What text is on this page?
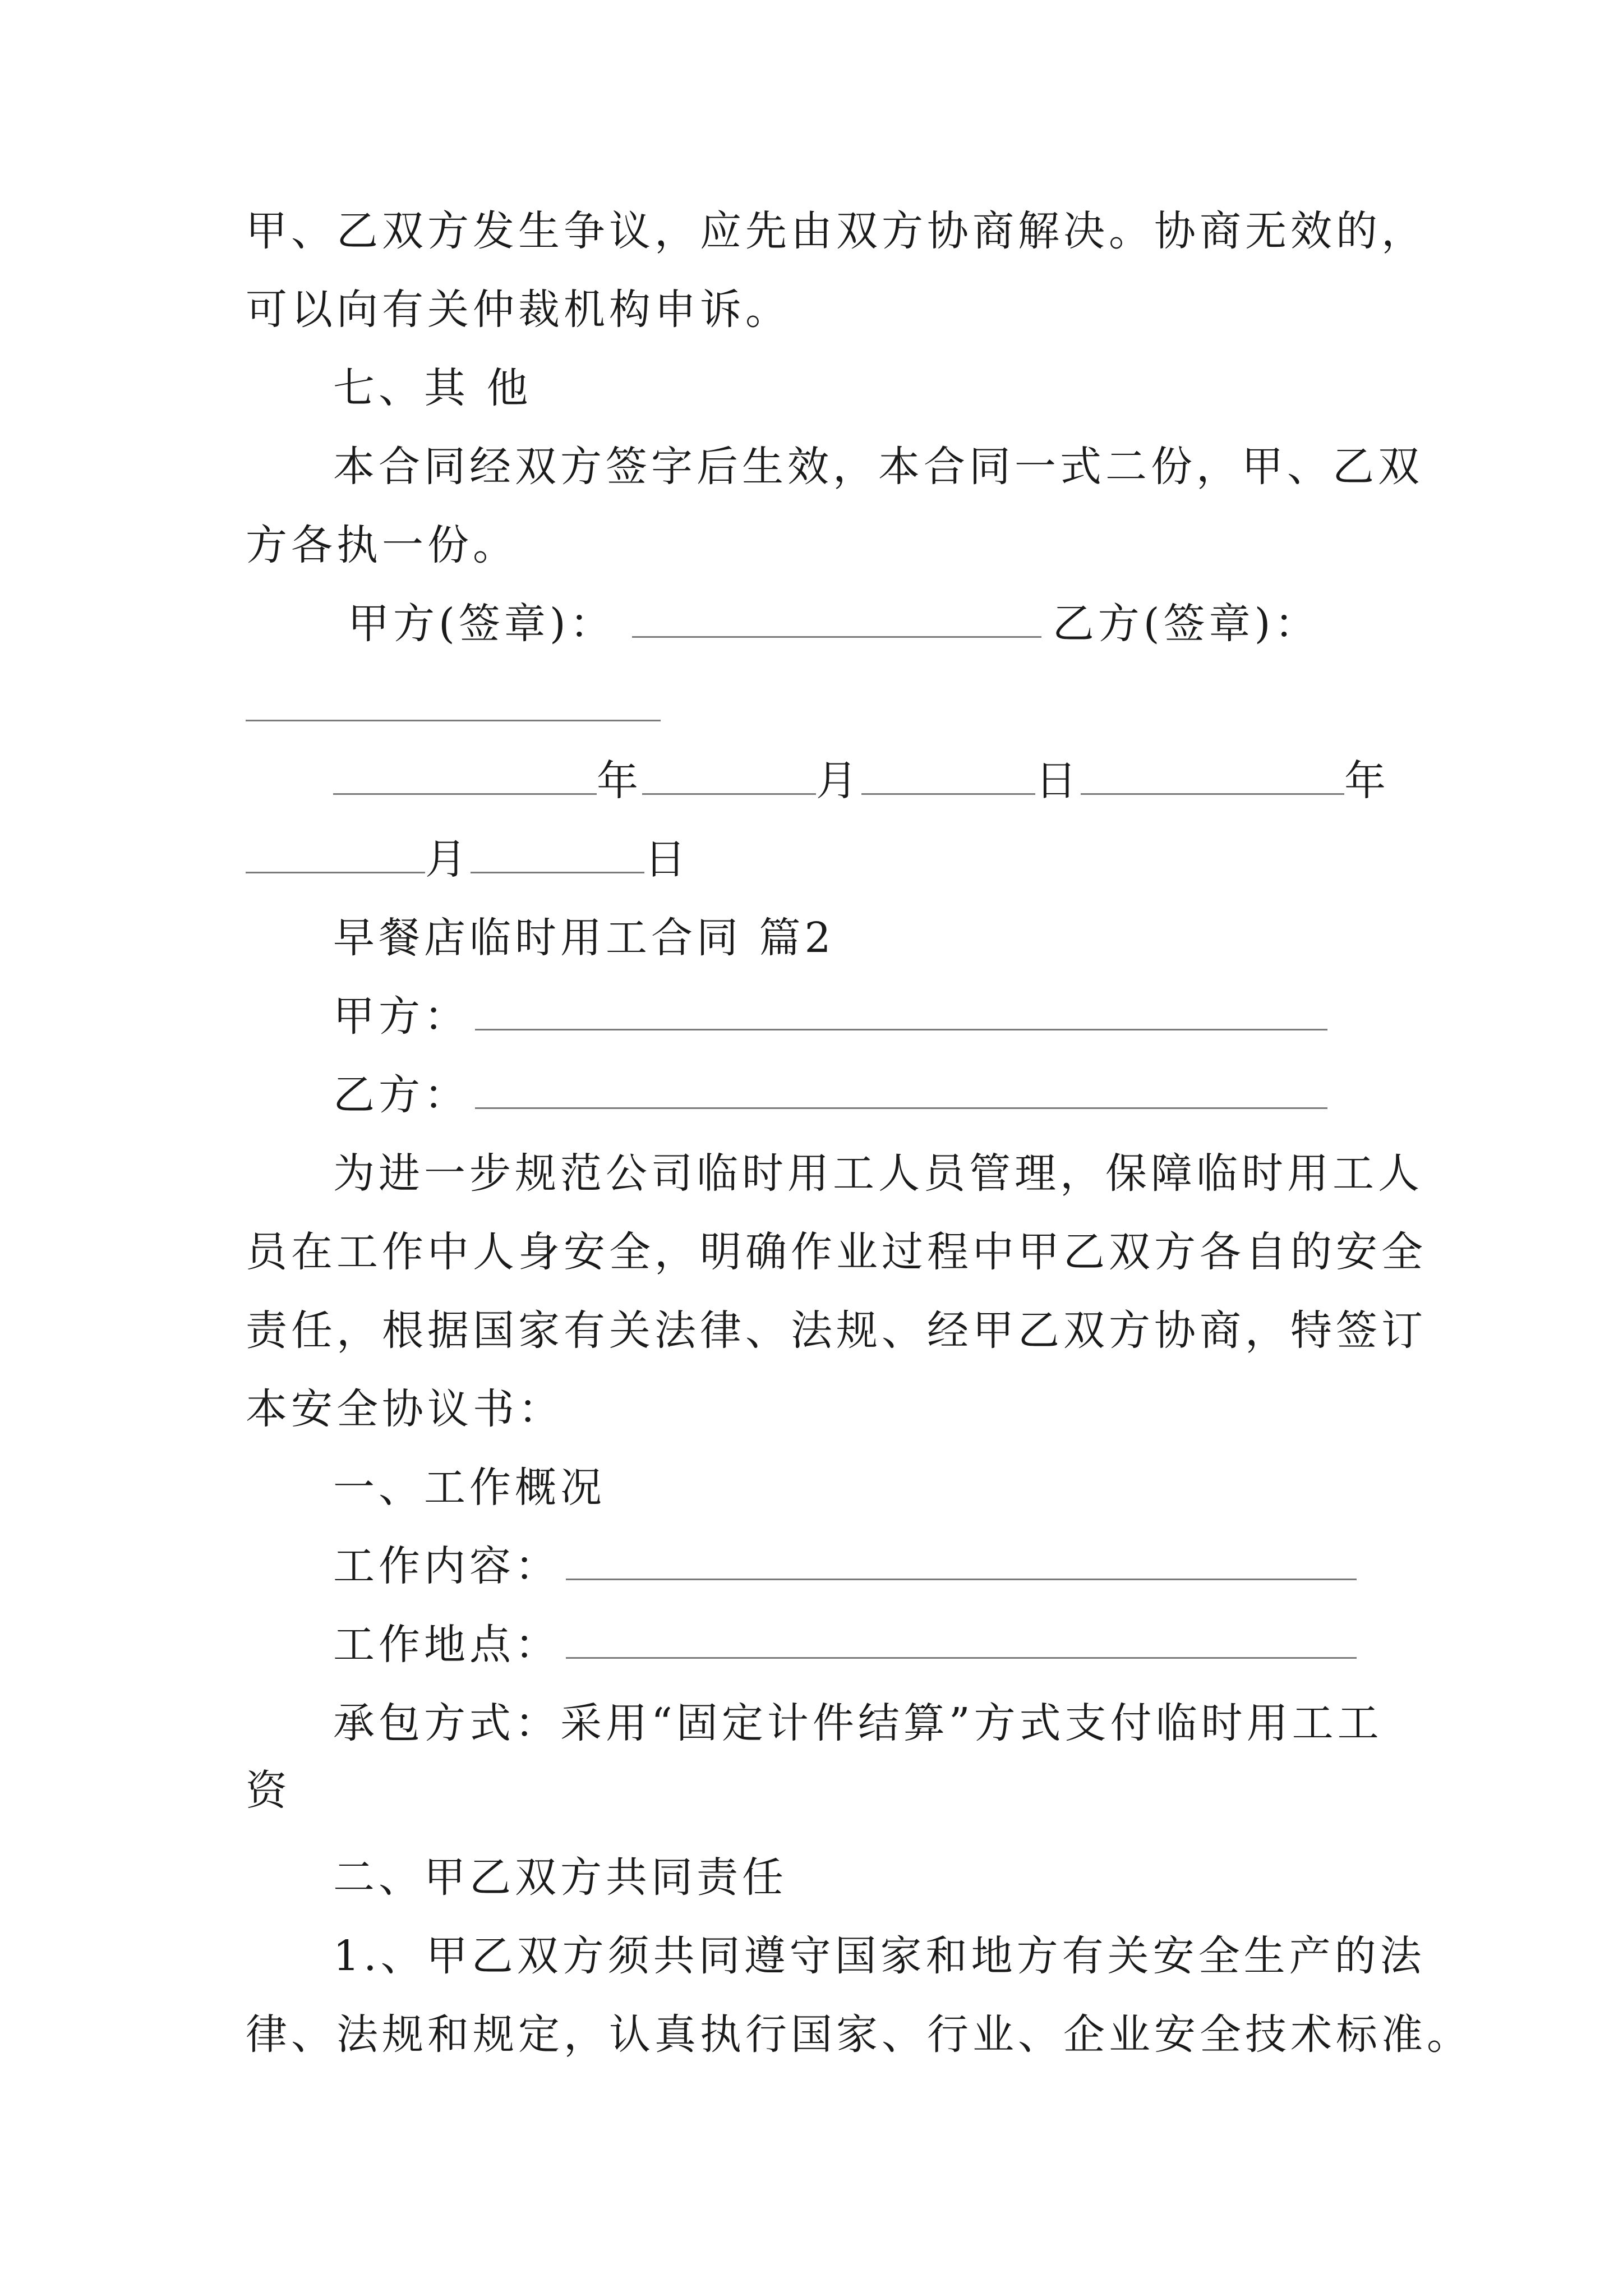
甲、乙双方发生争议，应先由双方协商解决。协商无效的，
可以向有关仲裁机构申诉。
七、其 他
本合同经双方签字后生效，本合同一式二份，甲、乙双
方各执一份。
甲方(签章)：	乙方(签章)：
年	月	日	年
月	日
早餐店临时用工合同 篇2
甲方：
乙方：
为进一步规范公司临时用工人员管理，保障临时用工人
员在工作中人身安全，明确作业过程中甲乙双方各自的安全
责任，根据国家有关法律、法规、经甲乙双方协商，特签订
本安全协议书：
一、工作概况
工作内容：
工作地点：
承包方式：采用“固定计件结算”方式支付临时用工工
资
二、甲乙双方共同责任
1.、甲乙双方须共同遵守国家和地方有关安全生产的法
律、法规和规定，认真执行国家、行业、企业安全技术标准。
